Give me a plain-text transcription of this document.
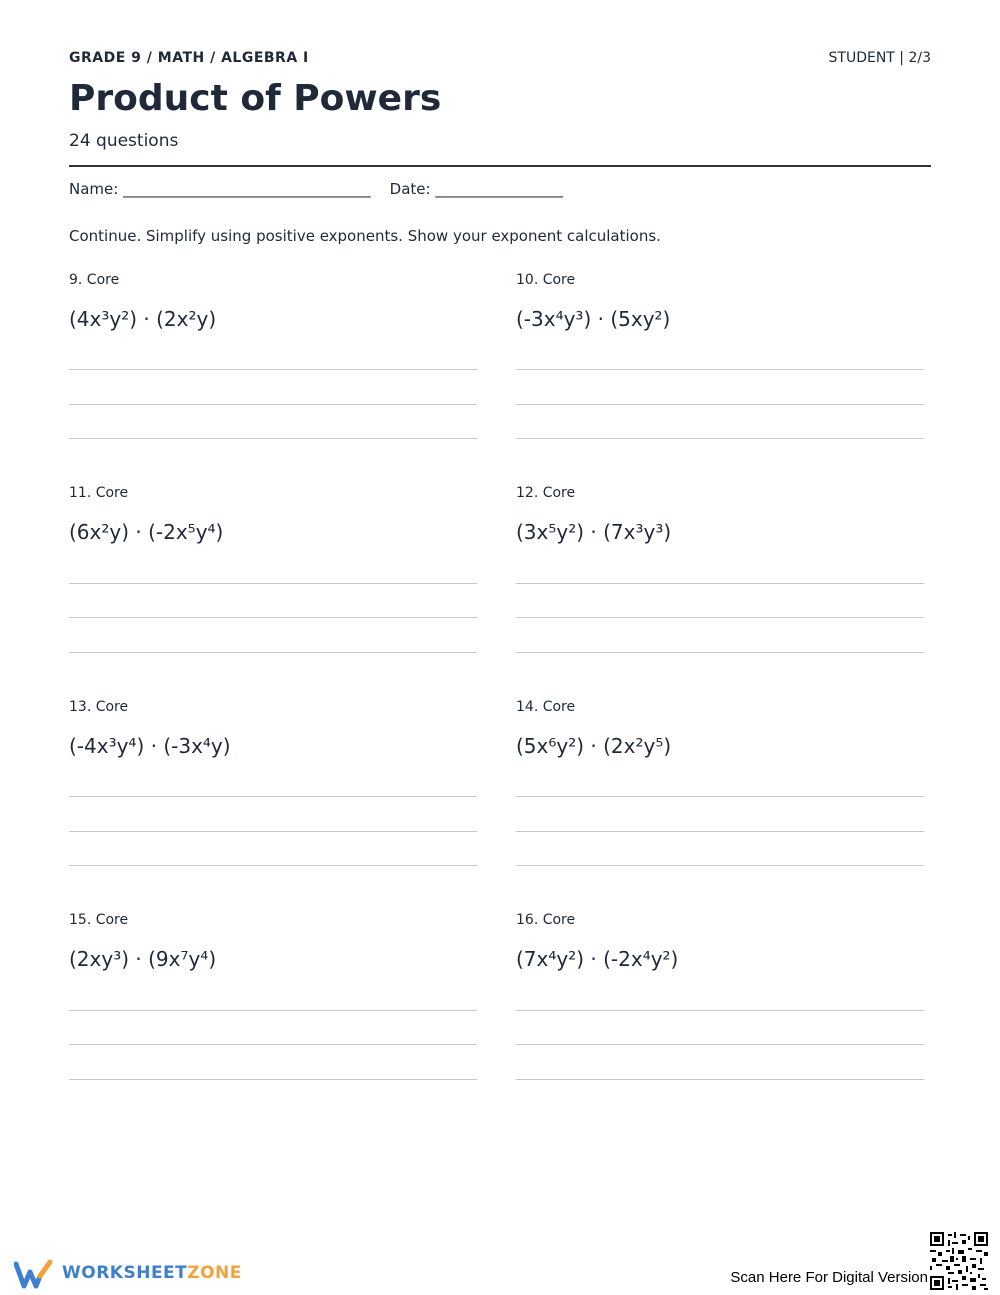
GRADE 9 / MATH / ALGEBRA I	STUDENT | 2/3
Product of Powers
24 questions
Name: _________________________________    Date: _________________
Continue. Simplify using positive exponents. Show your exponent calculations.
9. Core
(4x³y²) · (2x²y)
10. Core
(-3x⁴y³) · (5xy²)
11. Core
(6x²y) · (-2x⁵y⁴)
12. Core
(3x⁵y²) · (7x³y³)
13. Core
(-4x³y⁴) · (-3x⁴y)
14. Core
(5x⁶y²) · (2x²y⁵)
15. Core
(2xy³) · (9x⁷y⁴)
16. Core
(7x⁴y²) · (-2x⁴y²)
WORKSHEETZONE	Scan Here For Digital Version
